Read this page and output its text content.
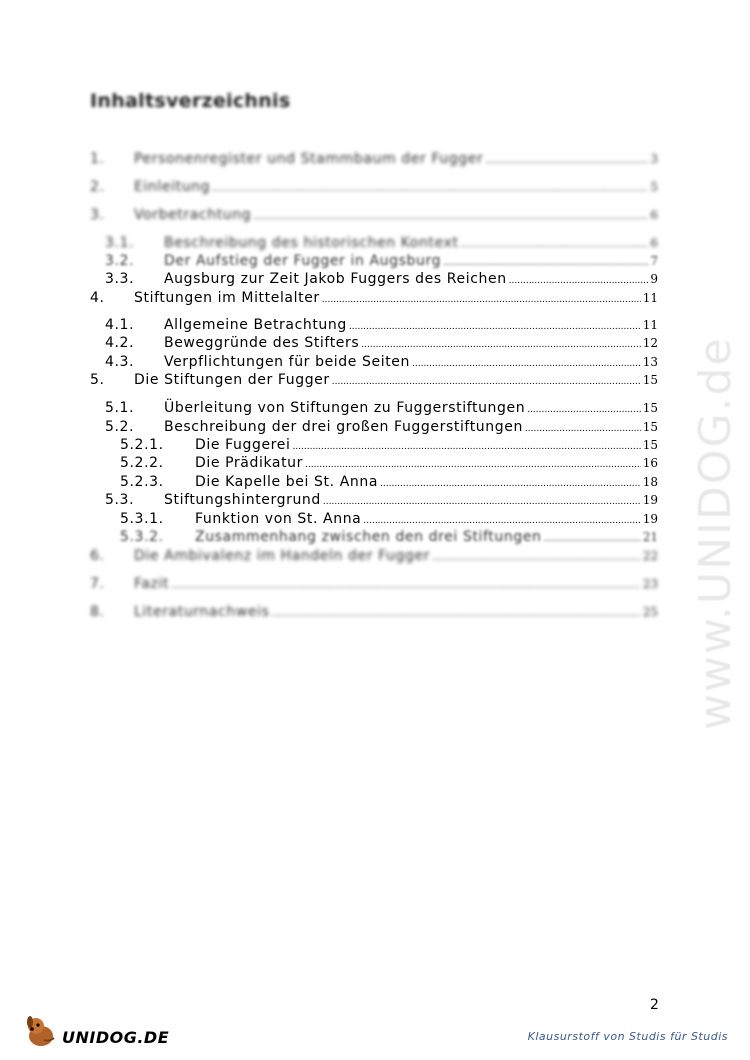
Inhaltsverzeichnis
1.	Personenregister und Stammbaum der Fugger .....	3
2.	Einleitung .....	5
3.	Vorbetrachtung .....	6
3.1.	Beschreibung des historischen Kontext .....	6
3.2.	Der Aufstieg der Fugger in Augsburg .....	7
3.3.	Augsburg zur Zeit Jakob Fuggers des Reichen .....	9
4.	Stiftungen im Mittelalter .....	11
4.1.	Allgemeine Betrachtung .....	11
4.2.	Beweggründe des Stifters .....	12
4.3.	Verpflichtungen für beide Seiten .....	13
5.	Die Stiftungen der Fugger .....	15
5.1.	Überleitung von Stiftungen zu Fuggerstiftungen .....	15
5.2.	Beschreibung der drei großen Fuggerstiftungen .....	15
5.2.1.	Die Fuggerei .....	15
5.2.2.	Die Prädikatur .....	16
5.2.3.	Die Kapelle bei St. Anna .....	18
5.3.	Stiftungshintergrund .....	19
5.3.1.	Funktion von St. Anna .....	19
5.3.2.	Zusammenhang zwischen den drei Stiftungen .....	21
6.	Die Ambivalenz im Handeln der Fugger .....	22
7.	Fazit .....	23
8.	Literaturnachweis .....	25 www.UNIDOG.de
2
UNIDOG.DE	Klausurstoff von Studis für Studis
